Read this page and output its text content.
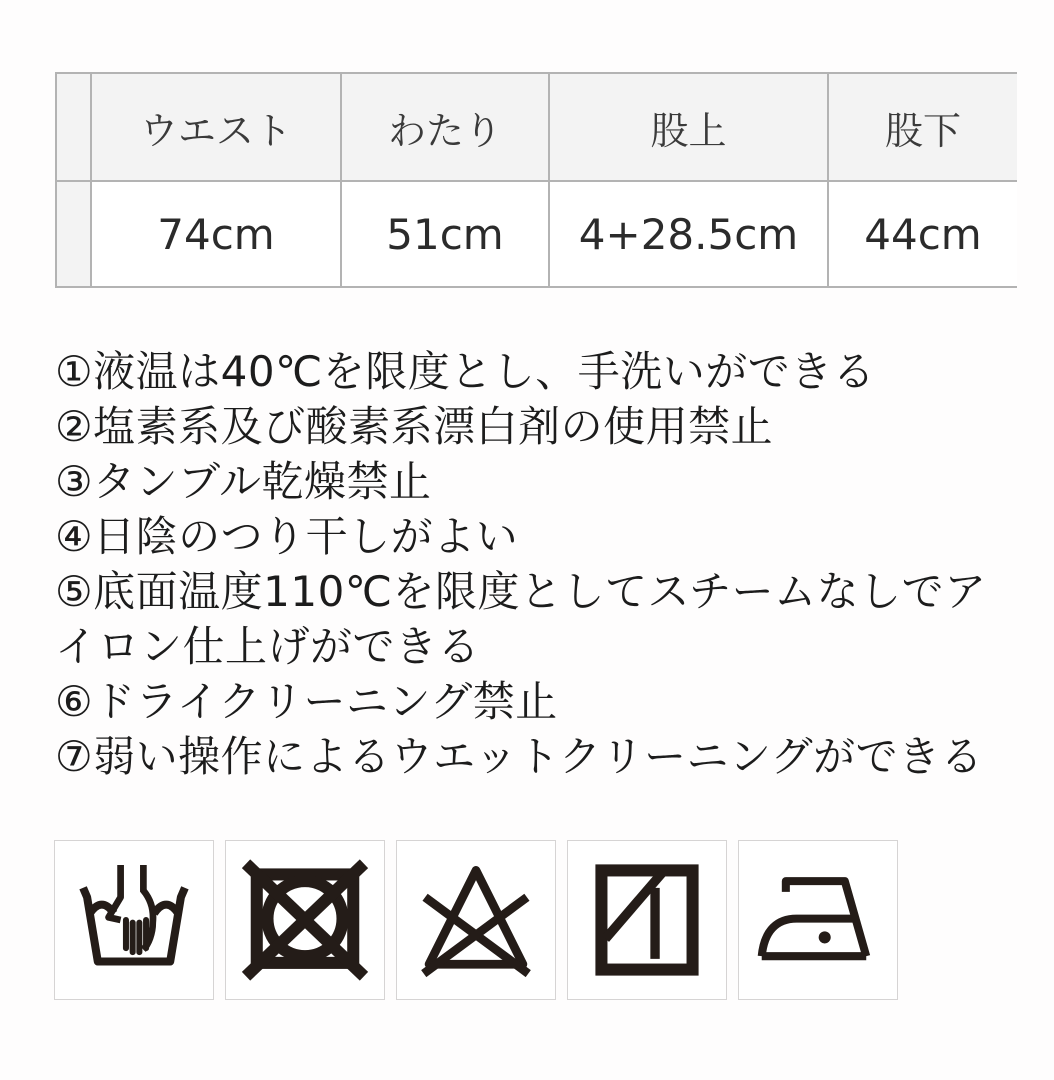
ウエスト	わたり	股上	股下
74cm	51cm	4+28.5cm	44cm

①液温は40℃を限度とし、手洗いができる

②塩素系及び酸素系漂白剤の使用禁止

③タンブル乾燥禁止

④日陰のつり干しがよい

⑤底面温度110℃を限度としてスチームなしでアイロン仕上げができる

⑥ドライクリーニング禁止

⑦弱い操作によるウエットクリーニングができる
